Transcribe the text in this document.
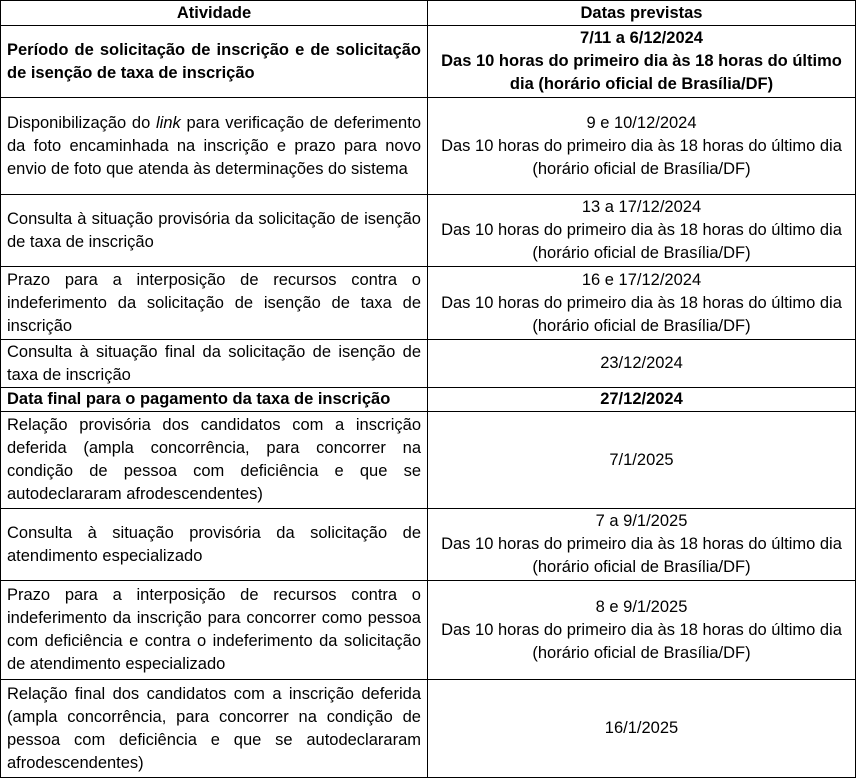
Atividade	Datas previstas
Período de solicitação de inscrição e de solicitação de isenção de taxa de inscrição	7/11 a 6/12/2024
Das 10 horas do primeiro dia às 18 horas do último dia (horário oficial de Brasília/DF)

Disponibilização do link para verificação de deferimento da foto encaminhada na inscrição e prazo para novo envio de foto que atenda às determinações do sistema	9 e 10/12/2024
Das 10 horas do primeiro dia às 18 horas do último dia (horário oficial de Brasília/DF)

Consulta à situação provisória da solicitação de isenção de taxa de inscrição	13 a 17/12/2024
Das 10 horas do primeiro dia às 18 horas do último dia (horário oficial de Brasília/DF)

Prazo para a interposição de recursos contra o indeferimento da solicitação de isenção de taxa de inscrição	16 e 17/12/2024
Das 10 horas do primeiro dia às 18 horas do último dia (horário oficial de Brasília/DF)

Consulta à situação final da solicitação de isenção de taxa de inscrição	23/12/2024

Data final para o pagamento da taxa de inscrição	27/12/2024

Relação provisória dos candidatos com a inscrição deferida (ampla concorrência, para concorrer na condição de pessoa com deficiência e que se autodeclararam afrodescendentes)	7/1/2025

Consulta à situação provisória da solicitação de atendimento especializado	7 a 9/1/2025
Das 10 horas do primeiro dia às 18 horas do último dia (horário oficial de Brasília/DF)

Prazo para a interposição de recursos contra o indeferimento da inscrição para concorrer como pessoa com deficiência e contra o indeferimento da solicitação de atendimento especializado	8 e 9/1/2025
Das 10 horas do primeiro dia às 18 horas do último dia (horário oficial de Brasília/DF)

Relação final dos candidatos com a inscrição deferida (ampla concorrência, para concorrer na condição de pessoa com deficiência e que se autodeclararam afrodescendentes)	16/1/2025
